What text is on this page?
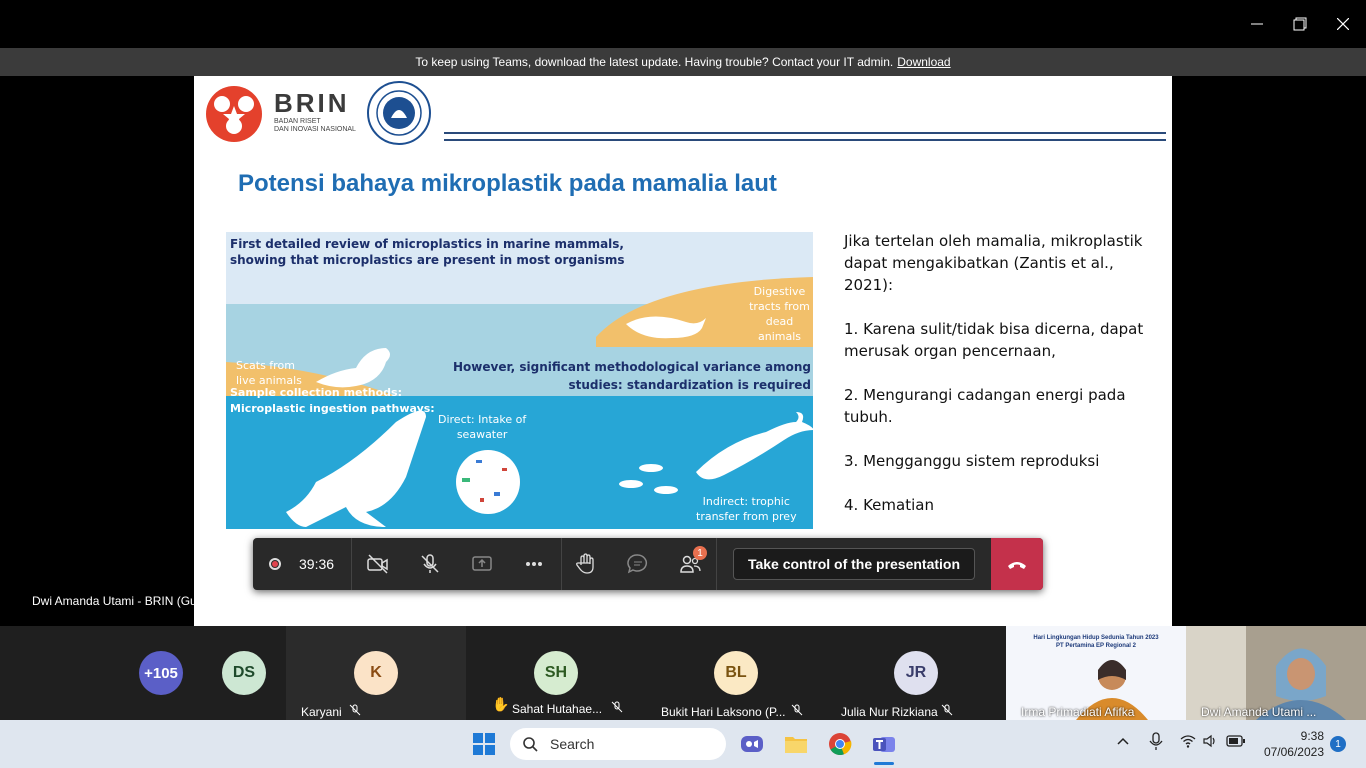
To keep using Teams, download the latest update. Having trouble? Contact your IT admin. Download
BRIN
BADAN RISET
DAN INOVASI NASIONAL
Potensi bahaya mikroplastik pada mamalia laut
First detailed review of microplastics in marine mammals,
showing that microplastics are present in most organisms
Sample collection methods:
Digestive
tracts from
dead animals
Scats from
live animals
However, significant methodological variance among
studies: standardization is required
Microplastic ingestion pathways:
Direct: Intake of
seawater
Indirect: trophic
transfer from prey

Jika tertelan oleh mamalia, mikroplastik dapat mengakibatkan (Zantis et al., 2021):

1. Karena sulit/tidak bisa dicerna, dapat merusak organ pencernaan,

2. Mengurangi cadangan energi pada tubuh.

3. Mengganggu sistem reproduksi

4. Kematian

39:36
1
Take control of the presentation
Dwi Amanda Utami - BRIN (Guest)
+105	DS	K
Karyani
SH
✋ Sahat Hutahae...
BL
Bukit Hari Laksono (P...
JR
Julia Nur Rizkiana
Hari Lingkungan Hidup Sedunia Tahun 2023
PT Pertamina EP Regional 2
Irma Primadiati Afifka	Dwi Amanda Utami ...
Search	9:38
07/06/2023
1
